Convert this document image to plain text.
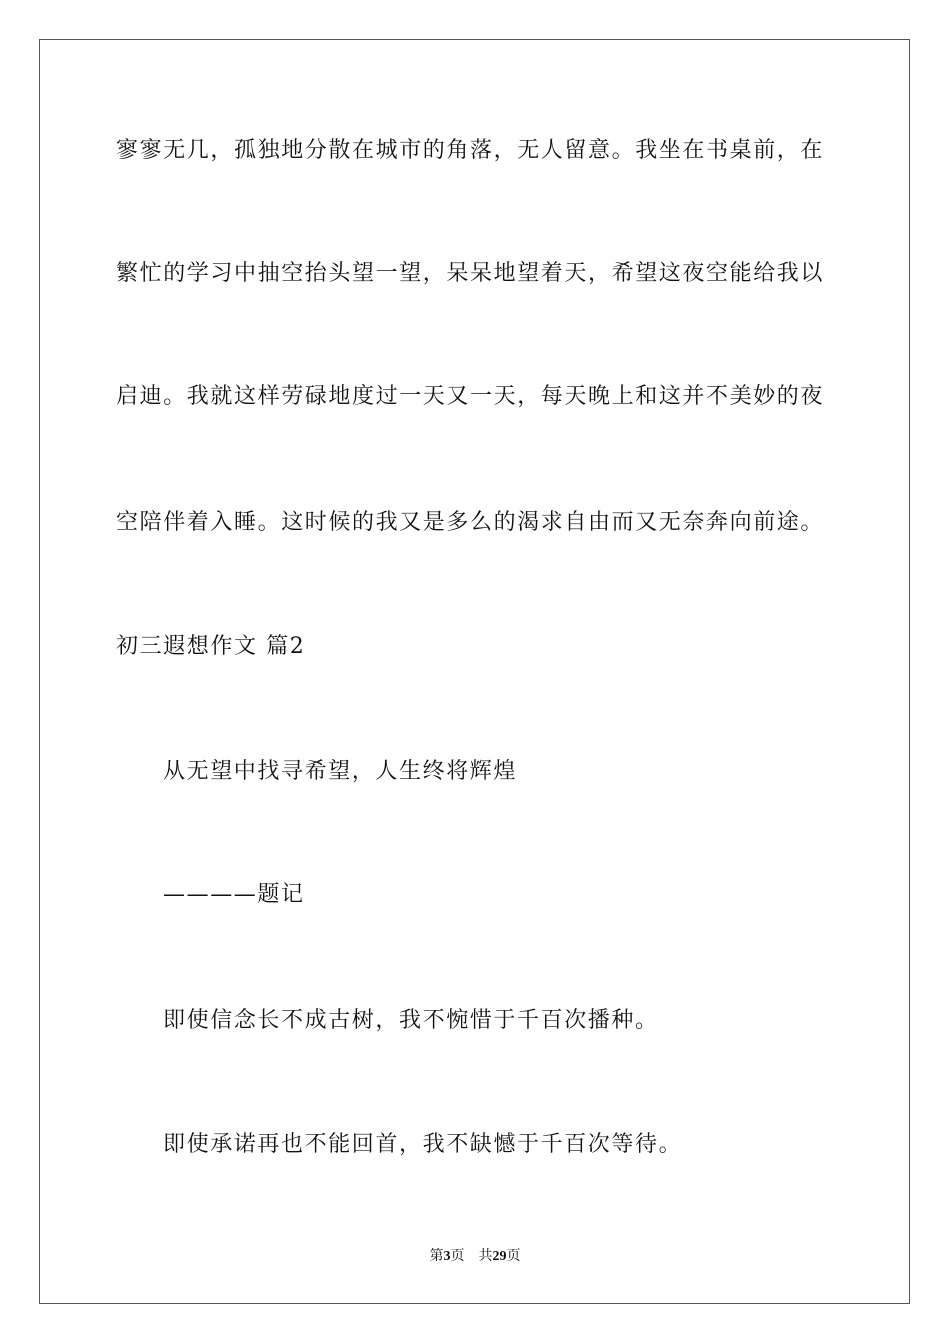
寥寥无几，孤独地分散在城市的角落，无人留意。我坐在书桌前，在
繁忙的学习中抽空抬头望一望，呆呆地望着天，希望这夜空能给我以
启迪。我就这样劳碌地度过一天又一天，每天晚上和这并不美妙的夜
空陪伴着入睡。这时候的我又是多么的渴求自由而又无奈奔向前途。
初三遐想作文 篇2
从无望中找寻希望，人生终将辉煌
————题记
即使信念长不成古树，我不惋惜于千百次播种。
即使承诺再也不能回首，我不缺憾于千百次等待。
第3页 共29页
